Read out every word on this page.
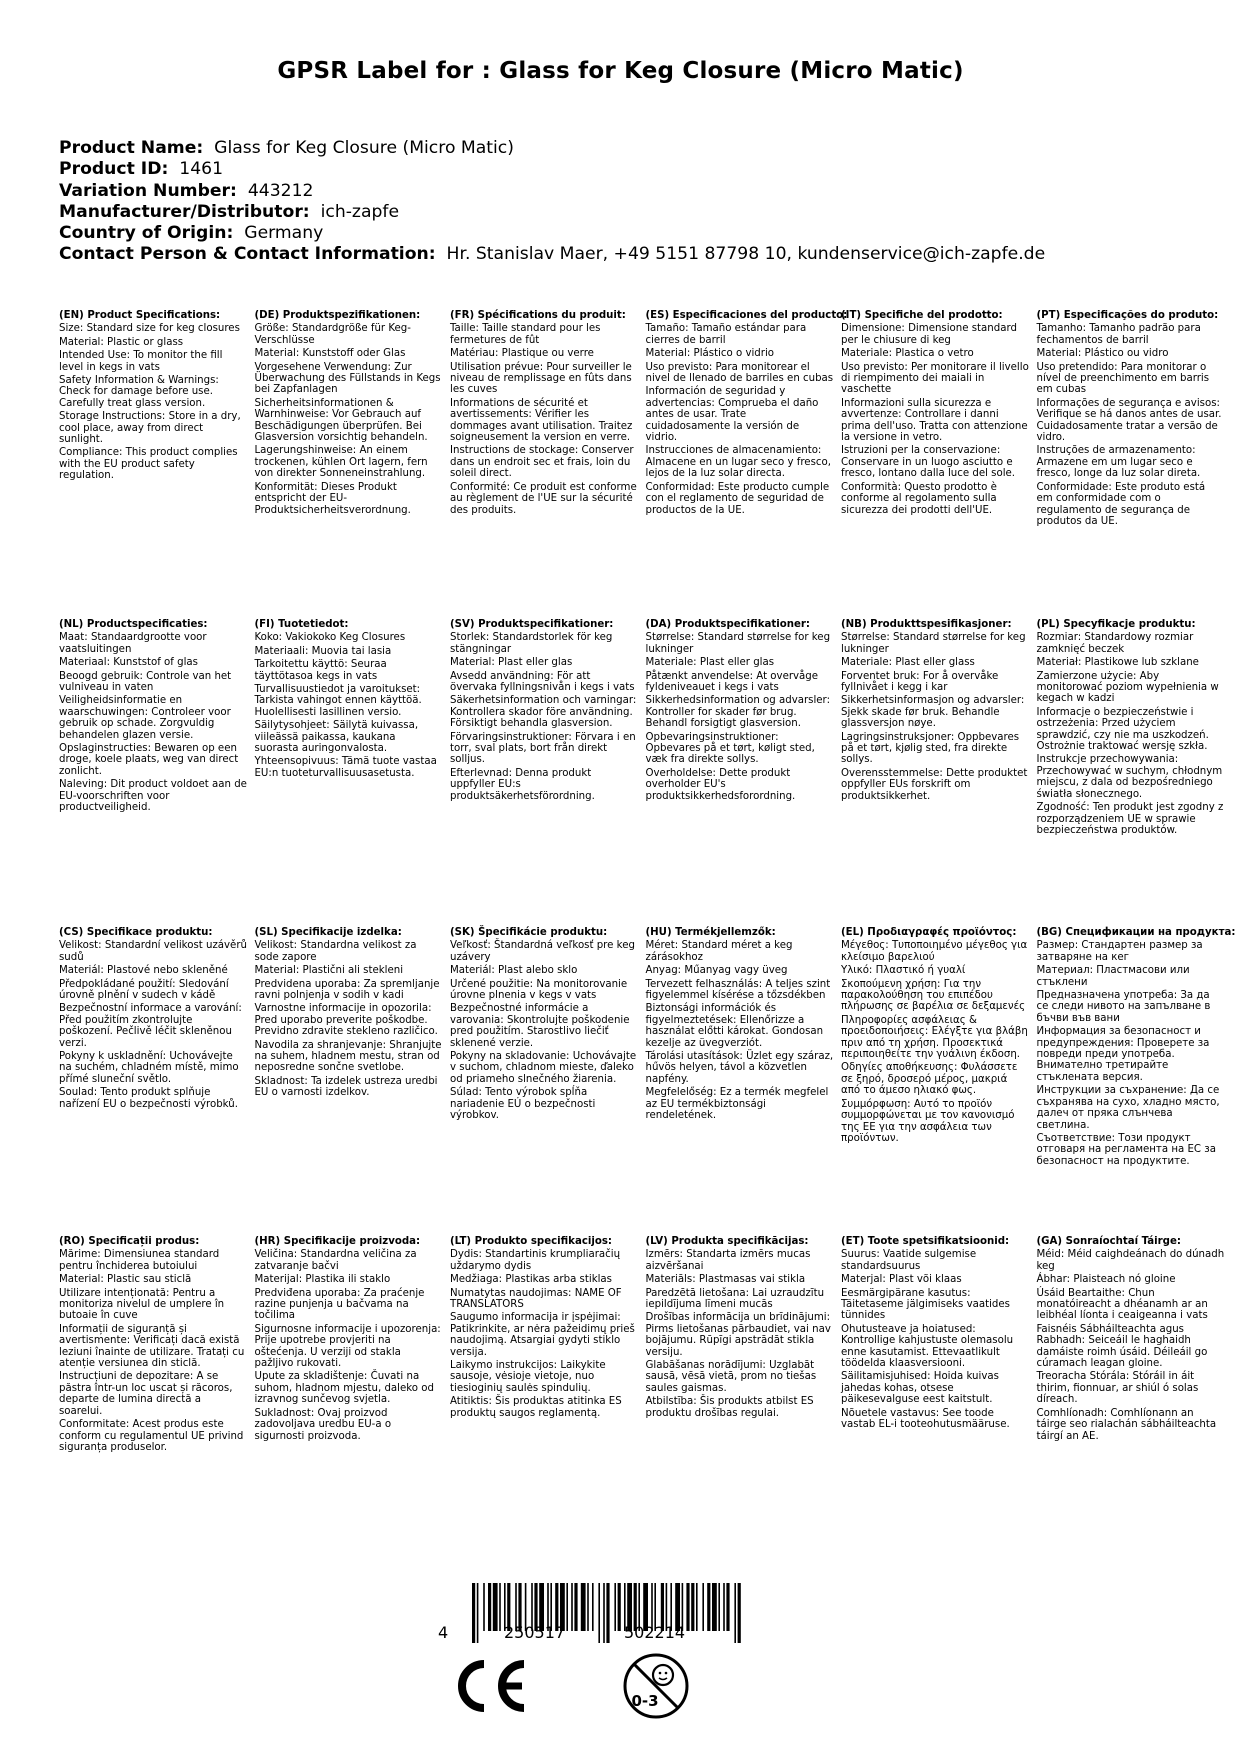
GPSR Label for : Glass for Keg Closure (Micro Matic)
Product Name: Glass for Keg Closure (Micro Matic)
Product ID: 1461
Variation Number: 443212
Manufacturer/Distributor: ich-zapfe
Country of Origin: Germany
Contact Person & Contact Information: Hr. Stanislav Maer, +49 5151 87798 10, kundenservice@ich-zapfe.de
(EN) Product Specifications:
Size: Standard size for keg closures
Material: Plastic or glass
Intended Use: To monitor the fill level in kegs in vats
Safety Information & Warnings: Check for damage before use. Carefully treat glass version.
Storage Instructions: Store in a dry, cool place, away from direct sunlight.
Compliance: This product complies with the EU product safety regulation.
(DE) Produktspezifikationen:
Größe: Standardgröße für Keg-Verschlüsse
Material: Kunststoff oder Glas
Vorgesehene Verwendung: Zur Überwachung des Füllstands in Kegs bei Zapfanlagen
Sicherheitsinformationen & Warnhinweise: Vor Gebrauch auf Beschädigungen überprüfen. Bei Glasversion vorsichtig behandeln.
Lagerungshinweise: An einem trockenen, kühlen Ort lagern, fern von direkter Sonneneinstrahlung.
Konformität: Dieses Produkt entspricht der EU-Produktsicherheitsverordnung.
(FR) Spécifications du produit:
Taille: Taille standard pour les fermetures de fût
Matériau: Plastique ou verre
Utilisation prévue: Pour surveiller le niveau de remplissage en fûts dans les cuves
Informations de sécurité et avertissements: Vérifier les dommages avant utilisation. Traitez soigneusement la version en verre.
Instructions de stockage: Conserver dans un endroit sec et frais, loin du soleil direct.
Conformité: Ce produit est conforme au règlement de l'UE sur la sécurité des produits.
(ES) Especificaciones del producto:
Tamaño: Tamaño estándar para cierres de barril
Material: Plástico o vidrio
Uso previsto: Para monitorear el nivel de llenado de barriles en cubas
Información de seguridad y advertencias: Comprueba el daño antes de usar. Trate cuidadosamente la versión de vidrio.
Instrucciones de almacenamiento: Almacene en un lugar seco y fresco, lejos de la luz solar directa.
Conformidad: Este producto cumple con el reglamento de seguridad de productos de la UE.
(IT) Specifiche del prodotto:
Dimensione: Dimensione standard per le chiusure di keg
Materiale: Plastica o vetro
Uso previsto: Per monitorare il livello di riempimento dei maiali in vaschette
Informazioni sulla sicurezza e avvertenze: Controllare i danni prima dell'uso. Tratta con attenzione la versione in vetro.
Istruzioni per la conservazione: Conservare in un luogo asciutto e fresco, lontano dalla luce del sole.
Conformità: Questo prodotto è conforme al regolamento sulla sicurezza dei prodotti dell'UE.
(PT) Especificações do produto:
Tamanho: Tamanho padrão para fechamentos de barril
Material: Plástico ou vidro
Uso pretendido: Para monitorar o nível de preenchimento em barris em cubas
Informações de segurança e avisos: Verifique se há danos antes de usar. Cuidadosamente tratar a versão de vidro.
Instruções de armazenamento: Armazene em um lugar seco e fresco, longe da luz solar direta.
Conformidade: Este produto está em conformidade com o regulamento de segurança de produtos da UE.
(NL) Productspecificaties:
Maat: Standaardgrootte voor vaatsluitingen
Materiaal: Kunststof of glas
Beoogd gebruik: Controle van het vulniveau in vaten
Veiligheidsinformatie en waarschuwingen: Controleer voor gebruik op schade. Zorgvuldig behandelen glazen versie.
Opslaginstructies: Bewaren op een droge, koele plaats, weg van direct zonlicht.
Naleving: Dit product voldoet aan de EU-voorschriften voor productveiligheid.
(FI) Tuotetiedot:
Koko: Vakiokoko Keg Closures
Materiaali: Muovia tai lasia
Tarkoitettu käyttö: Seuraa täyttötasoa kegs in vats
Turvallisuustiedot ja varoitukset: Tarkista vahingot ennen käyttöä. Huolellisesti lasillinen versio.
Säilytysohjeet: Säilytä kuivassa, viileässä paikassa, kaukana suorasta auringonvalosta.
Yhteensopivuus: Tämä tuote vastaa EU:n tuoteturvallisuusasetusta.
(SV) Produktspecifikationer:
Storlek: Standardstorlek för keg stängningar
Material: Plast eller glas
Avsedd användning: För att övervaka fyllningsnivån i kegs i vats
Säkerhetsinformation och varningar: Kontrollera skador före användning. Försiktigt behandla glasversion.
Förvaringsinstruktioner: Förvara i en torr, sval plats, bort från direkt solljus.
Efterlevnad: Denna produkt uppfyller EU:s produktsäkerhetsförordning.
(DA) Produktspecifikationer:
Størrelse: Standard størrelse for keg lukninger
Materiale: Plast eller glas
Påtænkt anvendelse: At overvåge fyldeniveauet i kegs i vats
Sikkerhedsinformation og advarsler: Kontroller for skader før brug. Behandl forsigtigt glasversion.
Opbevaringsinstruktioner: Opbevares på et tørt, køligt sted, væk fra direkte sollys.
Overholdelse: Dette produkt overholder EU's produktsikkerhedsforordning.
(NB) Produkttspesifikasjoner:
Størrelse: Standard størrelse for keg lukninger
Materiale: Plast eller glass
Forventet bruk: For å overvåke fyllnivået i kegg i kar
Sikkerhetsinformasjon og advarsler: Sjekk skade før bruk. Behandle glassversjon nøye.
Lagringsinstruksjoner: Oppbevares på et tørt, kjølig sted, fra direkte sollys.
Overensstemmelse: Dette produktet oppfyller EUs forskrift om produktsikkerhet.
(PL) Specyfikacje produktu:
Rozmiar: Standardowy rozmiar zamknięć beczek
Materiał: Plastikowe lub szklane
Zamierzone użycie: Aby monitorować poziom wypełnienia w kegach w kadzi
Informacje o bezpieczeństwie i ostrzeżenia: Przed użyciem sprawdzić, czy nie ma uszkodzeń. Ostrożnie traktować wersję szkła.
Instrukcje przechowywania: Przechowywać w suchym, chłodnym miejscu, z dala od bezpośredniego światła słonecznego.
Zgodność: Ten produkt jest zgodny z rozporządzeniem UE w sprawie bezpieczeństwa produktów.
(CS) Specifikace produktu:
Velikost: Standardní velikost uzávěrů sudů
Materiál: Plastové nebo skleněné
Předpokládané použití: Sledování úrovně plnění v sudech v kádě
Bezpečnostní informace a varování: Před použitím zkontrolujte poškození. Pečlivě léčit skleněnou verzi.
Pokyny k uskladnění: Uchovávejte na suchém, chladném místě, mimo přímé sluneční světlo.
Soulad: Tento produkt splňuje nařízení EU o bezpečnosti výrobků.
(SL) Specifikacije izdelka:
Velikost: Standardna velikost za sode zapore
Material: Plastični ali stekleni
Predvidena uporaba: Za spremljanje ravni polnjenja v sodih v kadi
Varnostne informacije in opozorila: Pred uporabo preverite poškodbe. Previdno zdravite stekleno različico.
Navodila za shranjevanje: Shranjujte na suhem, hladnem mestu, stran od neposredne sončne svetlobe.
Skladnost: Ta izdelek ustreza uredbi EU o varnosti izdelkov.
(SK) Špecifikácie produktu:
Veľkosť: Štandardná veľkosť pre keg uzávery
Materiál: Plast alebo sklo
Určené použitie: Na monitorovanie úrovne plnenia v kegs v vats
Bezpečnostné informácie a varovania: Skontrolujte poškodenie pred použitím. Starostlivo liečiť sklenené verzie.
Pokyny na skladovanie: Uchovávajte v suchom, chladnom mieste, ďaleko od priameho slnečného žiarenia.
Súlad: Tento výrobok spĺňa nariadenie EÚ o bezpečnosti výrobkov.
(HU) Termékjellemzők:
Méret: Standard méret a keg zárásokhoz
Anyag: Műanyag vagy üveg
Tervezett felhasználás: A teljes szint figyelemmel kísérése a tőzsdékben
Biztonsági információk és figyelmeztetések: Ellenőrizze a használat előtti károkat. Gondosan kezelje az üvegverziót.
Tárolási utasítások: Üzlet egy száraz, hűvös helyen, távol a közvetlen napfény.
Megfelelőség: Ez a termék megfelel az EU termékbiztonsági rendeletének.
(EL) Προδιαγραφές προϊόντος:
Μέγεθος: Τυποποιημένο μέγεθος για κλείσιμο βαρελιού
Υλικό: Πλαστικό ή γυαλί
Σκοπούμενη χρήση: Για την παρακολούθηση του επιπέδου πλήρωσης σε βαρέλια σε δεξαμενές
Πληροφορίες ασφάλειας & προειδοποιήσεις: Ελέγξτε για βλάβη πριν από τη χρήση. Προσεκτικά περιποιηθείτε την γυάλινη έκδοση.
Οδηγίες αποθήκευσης: Φυλάσσετε σε ξηρό, δροσερό μέρος, μακριά από το άμεσο ηλιακό φως.
Συμμόρφωση: Αυτό το προϊόν συμμορφώνεται με τον κανονισμό της ΕΕ για την ασφάλεια των προϊόντων.
(BG) Спецификации на продукта:
Размер: Стандартен размер за затваряне на кег
Материал: Пластмасови или стъклени
Предназначена употреба: За да се следи нивото на запълване в бъчви във вани
Информация за безопасност и предупреждения: Проверете за повреди преди употреба. Внимателно третирайте стъклената версия.
Инструкции за съхранение: Да се съхранява на сухо, хладно място, далеч от пряка слънчева светлина.
Съответствие: Този продукт отговаря на регламента на ЕС за безопасност на продуктите.
(RO) Specificații produs:
Mărime: Dimensiunea standard pentru închiderea butoiului
Material: Plastic sau sticlă
Utilizare intenționată: Pentru a monitoriza nivelul de umplere în butoaie în cuve
Informații de siguranță și avertismente: Verificați dacă există leziuni înainte de utilizare. Tratați cu atenție versiunea din sticlă.
Instrucțiuni de depozitare: A se păstra într-un loc uscat și răcoros, departe de lumina directă a soarelui.
Conformitate: Acest produs este conform cu regulamentul UE privind siguranța produselor.
(HR) Specifikacije proizvoda:
Veličina: Standardna veličina za zatvaranje bačvi
Materijal: Plastika ili staklo
Predviđena uporaba: Za praćenje razine punjenja u bačvama na točilima
Sigurnosne informacije i upozorenja: Prije upotrebe provjeriti na oštećenja. U verziji od stakla pažljivo rukovati.
Upute za skladištenje: Čuvati na suhom, hladnom mjestu, daleko od izravnog sunčevog svjetla.
Sukladnost: Ovaj proizvod zadovoljava uredbu EU-a o sigurnosti proizvoda.
(LT) Produkto specifikacijos:
Dydis: Standartinis krumpliaračių uždarymo dydis
Medžiaga: Plastikas arba stiklas
Numatytas naudojimas: NAME OF TRANSLATORS
Saugumo informacija ir įspėjimai: Patikrinkite, ar nėra pažeidimų prieš naudojimą. Atsargiai gydyti stiklo versija.
Laikymo instrukcijos: Laikykite sausoje, vėsioje vietoje, nuo tiesioginių saulės spindulių.
Atitiktis: Šis produktas atitinka ES produktų saugos reglamentą.
(LV) Produkta specifikācijas:
Izmērs: Standarta izmērs mucas aizvēršanai
Materiāls: Plastmasas vai stikla
Paredzētā lietošana: Lai uzraudzītu iepildījuma līmeni mucās
Drošības informācija un brīdinājumi: Pirms lietošanas pārbaudiet, vai nav bojājumu. Rūpīgi apstrādāt stikla versiju.
Glabāšanas norādījumi: Uzglabāt sausā, vēsā vietā, prom no tiešas saules gaismas.
Atbilstība: Šis produkts atbilst ES produktu drošības regulai.
(ET) Toote spetsifikatsioonid:
Suurus: Vaatide sulgemise standardsuurus
Materjal: Plast või klaas
Eesmärgipärane kasutus: Täitetaseme jälgimiseks vaatides tünnides
Ohutusteave ja hoiatused: Kontrollige kahjustuste olemasolu enne kasutamist. Ettevaatlikult töödelda klaasversiooni.
Säilitamisjuhised: Hoida kuivas jahedas kohas, otsese päikesevalguse eest kaitstult.
Nõuetele vastavus: See toode vastab EL-i tooteohutusmääruse.
(GA) Sonraíochtaí Táirge:
Méid: Méid caighdeánach do dúnadh keg
Ábhar: Plaisteach nó gloine
Úsáid Beartaithe: Chun monatóireacht a dhéanamh ar an leibhéal líonta i ceaigeanna i vats
Faisnéis Sábháilteachta agus Rabhadh: Seiceáil le haghaidh damáiste roimh úsáid. Déileáil go cúramach leagan gloine.
Treoracha Stórála: Stóráil in áit thirim, fionnuar, ar shiúl ó solas díreach.
Comhlíonadh: Comhlíonann an táirge seo rialachán sábháilteachta táirgí an AE.
4	250517	502214
0-3
